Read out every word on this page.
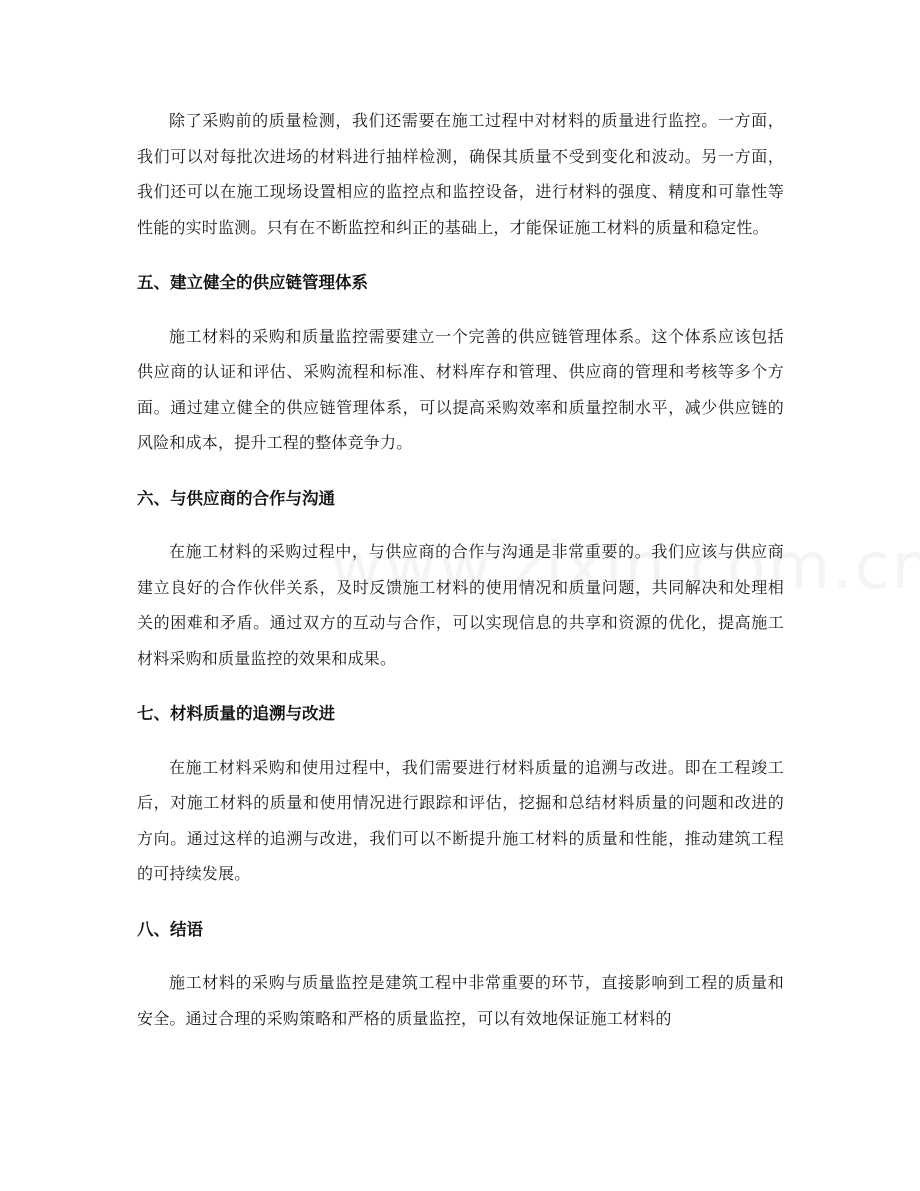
除了采购前的质量检测，我们还需要在施工过程中对材料的质量进行监控。一方面，我们可以对每批次进场的材料进行抽样检测，确保其质量不受到变化和波动。另一方面，我们还可以在施工现场设置相应的监控点和监控设备，进行材料的强度、精度和可靠性等性能的实时监测。只有在不断监控和纠正的基础上，才能保证施工材料的质量和稳定性。

五、建立健全的供应链管理体系

施工材料的采购和质量监控需要建立一个完善的供应链管理体系。这个体系应该包括供应商的认证和评估、采购流程和标准、材料库存和管理、供应商的管理和考核等多个方面。通过建立健全的供应链管理体系，可以提高采购效率和质量控制水平，减少供应链的风险和成本，提升工程的整体竞争力。

六、与供应商的合作与沟通

在施工材料的采购过程中，与供应商的合作与沟通是非常重要的。我们应该与供应商建立良好的合作伙伴关系，及时反馈施工材料的使用情况和质量问题，共同解决和处理相关的困难和矛盾。通过双方的互动与合作，可以实现信息的共享和资源的优化，提高施工材料采购和质量监控的效果和成果。

七、材料质量的追溯与改进

在施工材料采购和使用过程中，我们需要进行材料质量的追溯与改进。即在工程竣工后，对施工材料的质量和使用情况进行跟踪和评估，挖掘和总结材料质量的问题和改进的方向。通过这样的追溯与改进，我们可以不断提升施工材料的质量和性能，推动建筑工程的可持续发展。

八、结语

施工材料的采购与质量监控是建筑工程中非常重要的环节，直接影响到工程的质量和安全。通过合理的采购策略和严格的质量监控，可以有效地保证施工材料的
